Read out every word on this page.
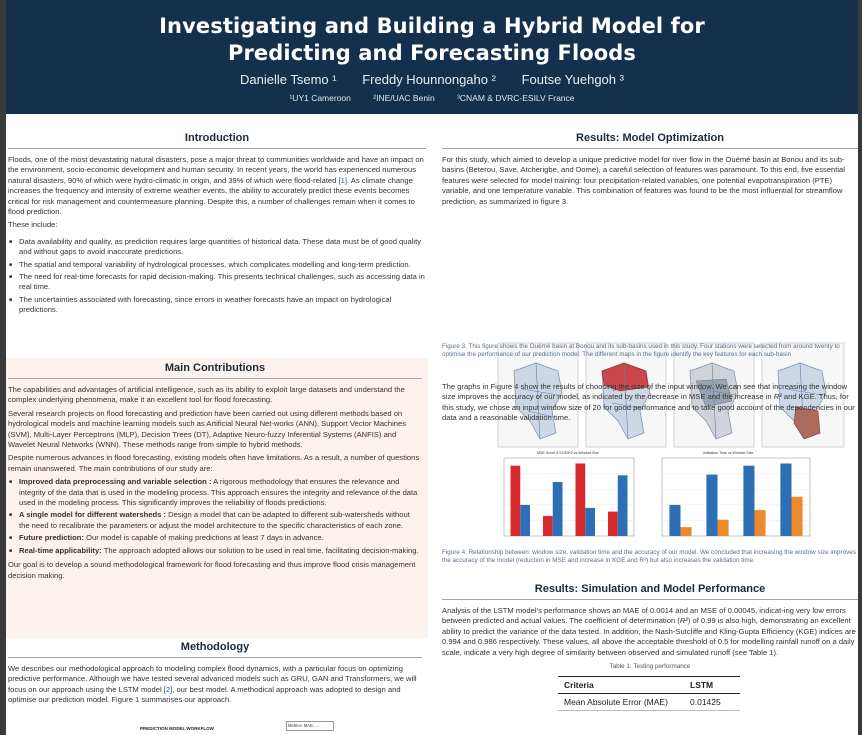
Investigating and Building a Hybrid Model for
Predicting and Forecasting Floods
Danielle Tsemo ¹ Freddy Hounnongaho ² Foutse Yuehgoh ³
¹UY1 Cameroon	²INE/UAC Benin	³CNAM & DVRC-ESILV France
Introduction

Floods, one of the most devastating natural disasters, pose a major threat to communities worldwide and have an impact on the environment, socio-economic development and human security. In recent years, the world has experienced numerous natural disasters, 90% of which were hydro-climatic in origin, and 39% of which were flood-related [1]. As climate change increases the frequency and intensity of extreme weather events, the ability to accurately predict these events becomes critical for risk management and countermeasure planning. Despite this, a number of challenges remain when it comes to flood prediction.

These include:

■ Data availability and quality, as prediction requires large quantities of historical data. These data must be of good quality and without gaps to avoid inaccurate predictions.
■ The spatial and temporal variability of hydrological processes, which complicates modelling and long-term prediction.
■ The need for real-time forecasts for rapid decision-making. This presents technical challenges, such as accessing data in real time.
■ The uncertainties associated with forecasting, since errors in weather forecasts have an impact on hydrological predictions.
Main Contributions

The capabilities and advantages of artificial intelligence, such as its ability to exploit large datasets and understand the complex underlying phenomena, make it an excellent tool for flood forecasting.

Several research projects on flood forecasting and prediction have been carried out using different methods based on hydrological models and machine learning models such as Artificial Neural Net-works (ANN), Support Vector Machines (SVM), Multi-Layer Perceptrons (MLP), Decision Trees (DT), Adaptive Neuro-fuzzy Inferential Systems (ANFIS) and Wavelet Neural Networks (WNN). These methods range from simple to hybrid methods.

Despite numerous advances in flood forecasting, existing models often have limitations. As a result, a number of questions remain unanswered. The main contributions of our study are:

■ Improved data preprocessing and variable selection : A rigorous methodology that ensures the relevance and integrity of the data that is used in the modeling process. This approach ensures the integrity and relevance of the data used in the modeling process. This significantly improves the reliability of floods predictions.
■ A single model for different watersheds : Design a model that can be adapted to different sub-watersheds without the need to recalibrate the parameters or adjust the model architecture to the specific characteristics of each zone.
■ Future prediction: Our model is capable of making predictions at least 7 days in advance.
■ Real-time applicability: The approach adopted allows our solution to be used in real time, facilitating decision-making.

Our goal is to develop a sound methodological framework for flood forecasting and thus improve flood crisis management decision making.

Methodology

We describes our methodological approach to modeling complex flood dynamics, with a particular focus on optimizing predictive performance. Although we have tested several advanced models such as GRU, GAN and Transformers, we will focus on our approach using the LSTM model [2], our best model. A methodical approach was adopted to design and optimise our prediction model. Figure 1 summarises our approach.

PREDICTION MODEL WORKFLOW
Metrics: MAE, ...
Results: Model Optimization

For this study, which aimed to develop a unique predictive model for river flow in the Ouémé basin at Bonou and its sub-basins (Beterou, Save, Atcherigbe, and Dome), a careful selection of features was paramount. To this end, five essential features were selected for model training: four precipitation-related variables, one potential evapotranspiration (PTE) variable, and one temperature variable. This combination of features was found to be the most influential for streamflow prediction, as summarized in figure 3.

Figure 3. This figure shows the Ouémé basin at Bonou and its sub-basins used in this study. Four stations were selected from around twenty to optimise the performance of our prediction model. The different maps in the figure identify the key features for each sub-basin

The graphs in Figure 4 show the results of choosing the size of the input window. We can see that increasing the window size improves the accuracy of our model, as indicated by the decrease in MSE and the increase in R² and KGE. Thus, for this study, we chose an input window size of 20 for good performance and to take good account of the dependencies in our data and a reasonable validation time.

MSE Score & KGE/R2 vs Window Size	Validation Time vs Window Size
Figure 4. Relationship between: window size, validation time and the accuracy of our model. We concluded that increasing the window size improves the accuracy of the model (reduction in MSE and increase in KGE and R²) but also increases the validation time.
Results: Simulation and Model Performance

Analysis of the LSTM model’s performance shows an MAE of 0.0014 and an MSE of 0.00045, indicat-ing very low errors between predicted and actual values. The coefficient of determination (R²) of 0.99 is also high, demonstrating an excellent ability to predict the variance of the data tested. In addition, the Nash-Sutcliffe and Kling-Gupta Efficiency (KGE) indices are 0.994 and 0.986 respectively. These values, all above the acceptable threshold of 0.5 for modelling rainfall runoff on a daily scale, indicate a very high degree of similarity between observed and simulated runoff (see Table 1).

Table 1. Testing performance
Criteria	LSTM
Mean Absolute Error (MAE)	0.01425
